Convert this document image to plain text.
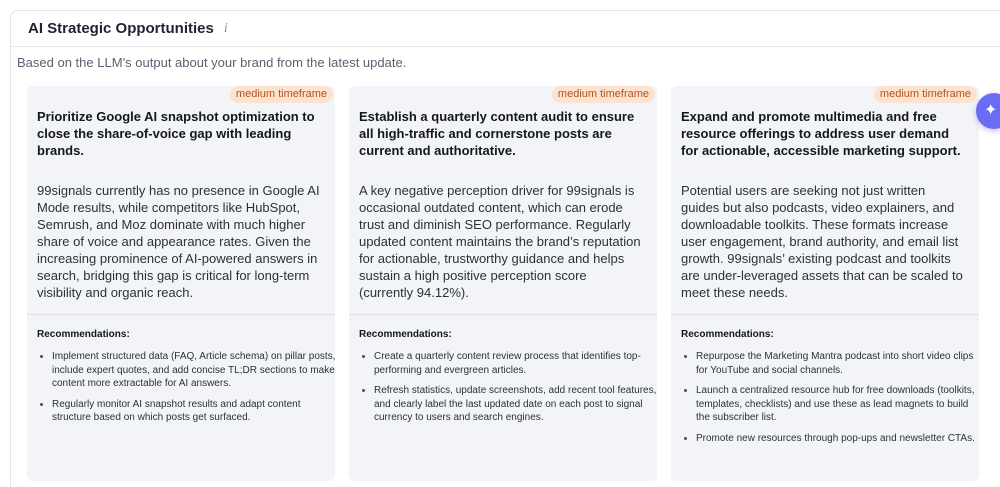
AI Strategic Opportunities i
Based on the LLM’s output about your brand from the latest update.
medium timeframe
Prioritize Google AI snapshot optimization to close the share-of-voice gap with leading brands.
99signals currently has no presence in Google AI Mode results, while competitors like HubSpot, Semrush, and Moz dominate with much higher share of voice and appearance rates. Given the increasing prominence of AI-powered answers in search, bridging this gap is critical for long-term visibility and organic reach.
Recommendations:
Implement structured data (FAQ, Article schema) on pillar posts, include expert quotes, and add concise TL;DR sections to make content more extractable for AI answers.
Regularly monitor AI snapshot results and adapt content structure based on which posts get surfaced.
medium timeframe
Establish a quarterly content audit to ensure all high-traffic and cornerstone posts are current and authoritative.
A key negative perception driver for 99signals is occasional outdated content, which can erode trust and diminish SEO performance. Regularly updated content maintains the brand’s reputation for actionable, trustworthy guidance and helps sustain a high positive perception score (currently 94.12%).
Recommendations:
Create a quarterly content review process that identifies top-performing and evergreen articles.
Refresh statistics, update screenshots, add recent tool features, and clearly label the last updated date on each post to signal currency to users and search engines.
medium timeframe
Expand and promote multimedia and free resource offerings to address user demand for actionable, accessible marketing support.
Potential users are seeking not just written guides but also podcasts, video explainers, and downloadable toolkits. These formats increase user engagement, brand authority, and email list growth. 99signals’ existing podcast and toolkits are under-leveraged assets that can be scaled to meet these needs.
Recommendations:
Repurpose the Marketing Mantra podcast into short video clips for YouTube and social channels.
Launch a centralized resource hub for free downloads (toolkits, templates, checklists) and use these as lead magnets to build the subscriber list.
Promote new resources through pop-ups and newsletter CTAs.
✦
